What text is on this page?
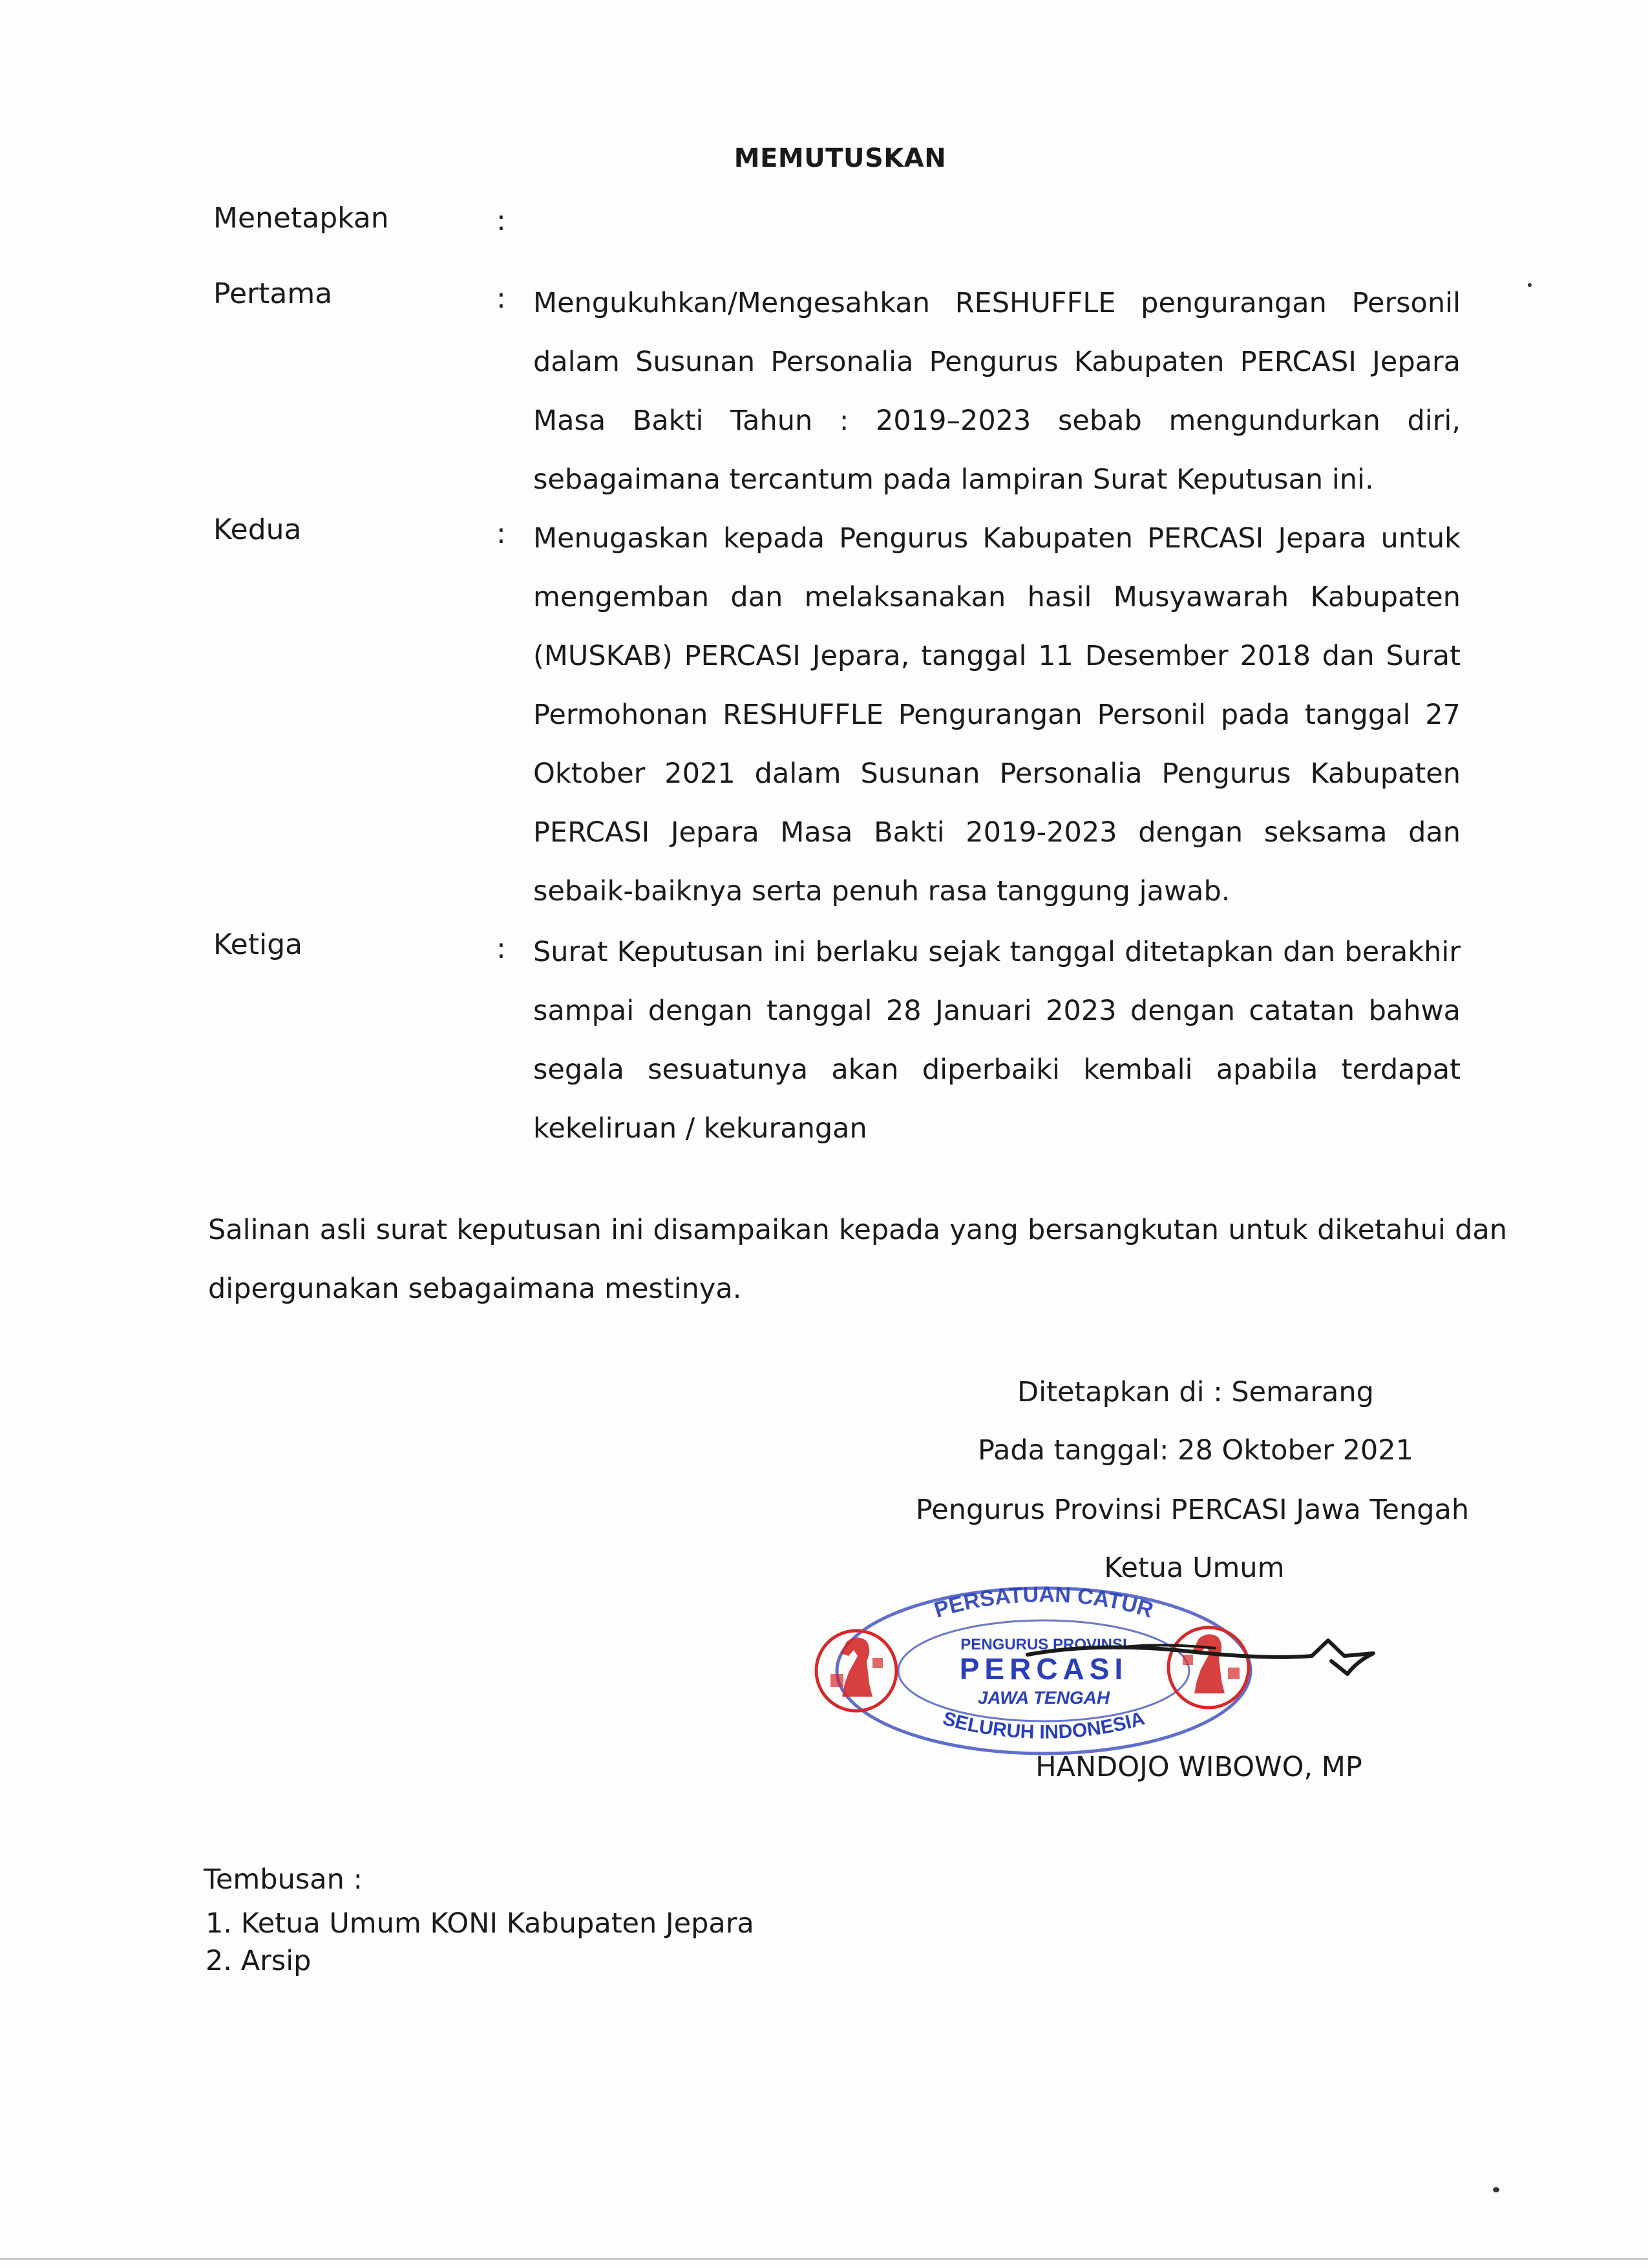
MEMUTUSKAN
Menetapkan	:
Pertama	: Mengukuhkan/Mengesahkan RESHUFFLE pengurangan Personil dalam Susunan Personalia Pengurus Kabupaten PERCASI Jepara Masa Bakti Tahun : 2019–2023 sebab mengundurkan diri, sebagaimana tercantum pada lampiran Surat Keputusan ini.
Kedua	: Menugaskan kepada Pengurus Kabupaten PERCASI Jepara untuk mengemban dan melaksanakan hasil Musyawarah Kabupaten (MUSKAB) PERCASI Jepara, tanggal 11 Desember 2018 dan Surat Permohonan RESHUFFLE Pengurangan Personil pada tanggal 27 Oktober 2021 dalam Susunan Personalia Pengurus Kabupaten PERCASI Jepara Masa Bakti 2019-2023 dengan seksama dan sebaik-baiknya serta penuh rasa tanggung jawab.
Ketiga	: Surat Keputusan ini berlaku sejak tanggal ditetapkan dan berakhir sampai dengan tanggal 28 Januari 2023 dengan catatan bahwa segala sesuatunya akan diperbaiki kembali apabila terdapat kekeliruan / kekurangan
Salinan asli surat keputusan ini disampaikan kepada yang bersangkutan untuk diketahui dan dipergunakan sebagaimana mestinya.
Ditetapkan di : Semarang
Pada tanggal: 28 Oktober 2021
Pengurus Provinsi PERCASI Jawa Tengah
Ketua Umum
PERSATUAN CATUR
PENGURUS PROVINSI
PERCASI
JAWA TENGAH
SELURUH INDONESIA
HANDOJO WIBOWO, MP
Tembusan :
1. Ketua Umum KONI Kabupaten Jepara
2. Arsip
